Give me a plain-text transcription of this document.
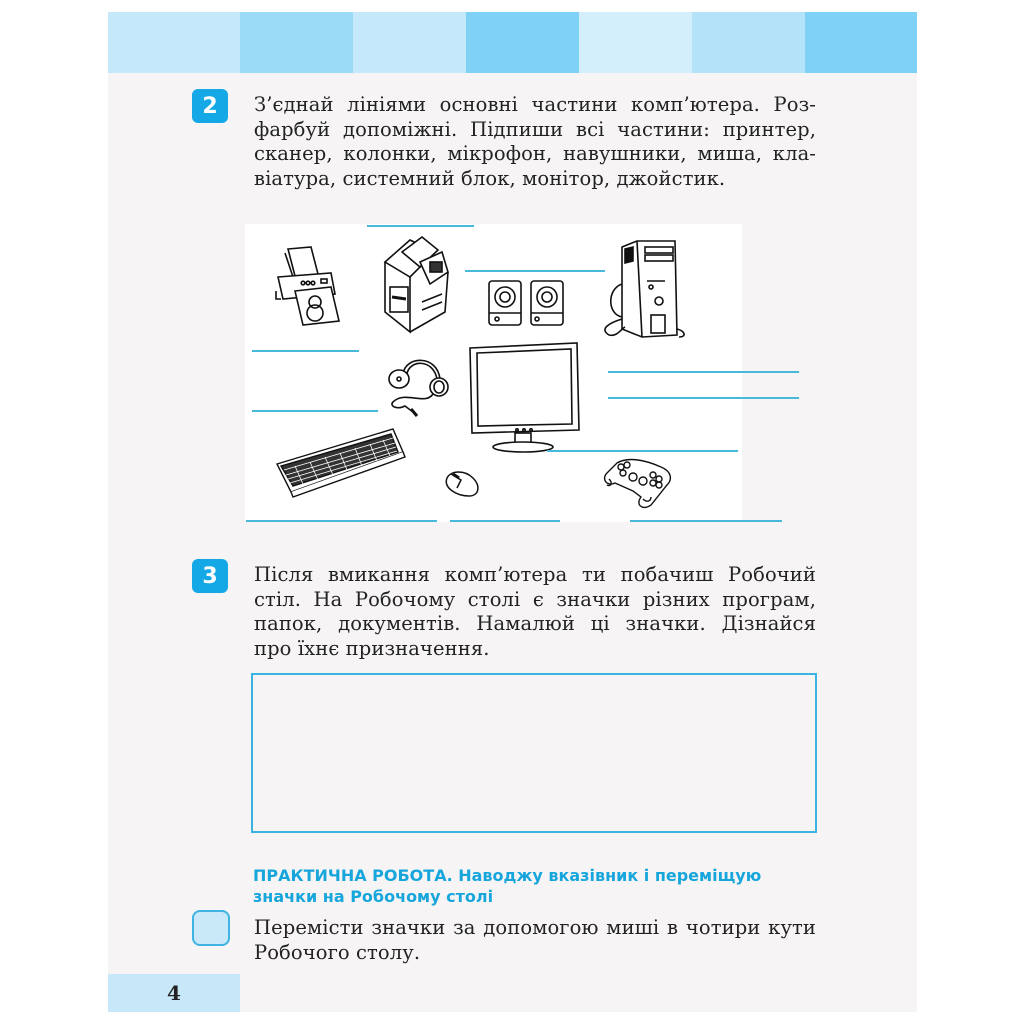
2	З’єднай лініями основні частини комп’ютера. Роз-
фарбуй допоміжні. Підпиши всі частини: принтер,
сканер, колонки, мікрофон, навушники, миша, кла-
віатура, системний блок, монітор, джойстик.
3	Після вмикання комп’ютера ти побачиш Робочий
стіл. На Робочому столі є значки різних програм,
папок, документів. Намалюй ці значки. Дізнайся
про їхнє призначення.
ПРАКТИЧНА РОБОТА. Наводжу вказівник і переміщую
значки на Робочому столі
Перемісти значки за допомогою миші в чотири кути
Робочого столу.
4
